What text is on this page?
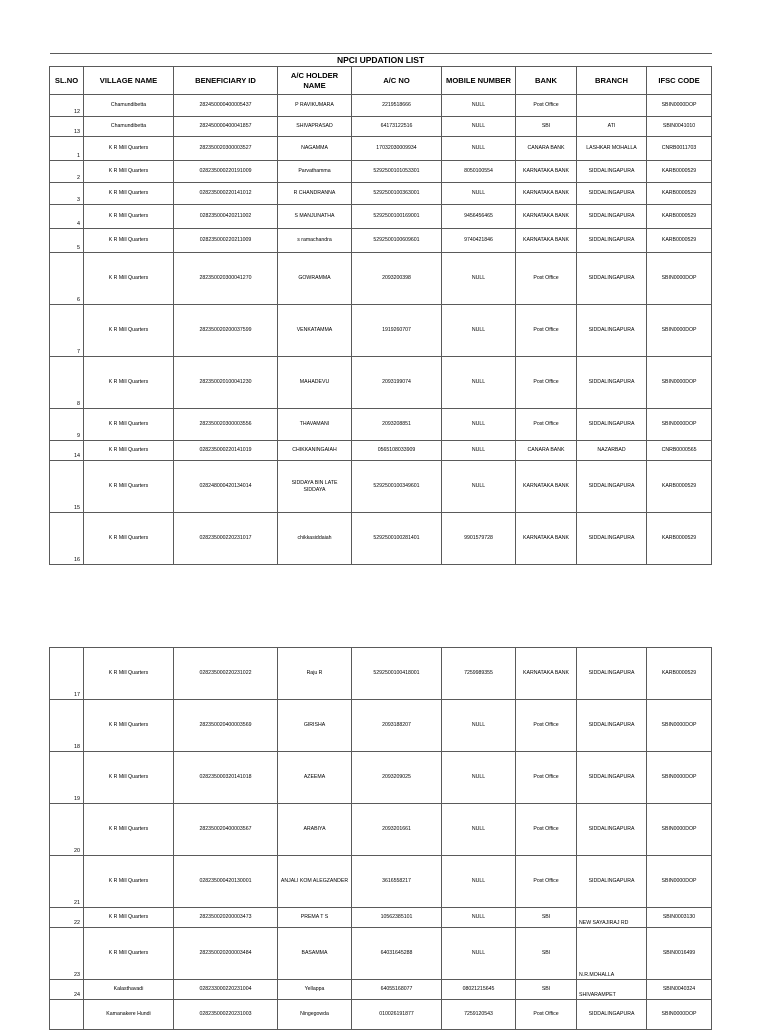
NPCI UPDATION LIST								
SL.NO	VILLAGE NAME	BENEFICIARY ID	A/C HOLDER NAME	A/C NO	MOBILE NUMBER	BANK	BRANCH	IFSC CODE
12	Chamundibetta	282450000400005437	P RAVIKUMARA	2219518666	NULL	Post Office		SBIN0000DOP
13	Chamundibetta	282450000400041857	SHIVAPRASAD	64173122516	NULL	SBI	ATI	SBIN0041010
1	K R Mill Quarters	282350020300003527	NAGAMMA	17032030009934	NULL	CANARA BANK	LASHKAR MOHALLA	CNRB0011703
2	K R Mill Quarters	028235000220191009	Parvathamma	5292500101053301	8050100554	KARNATAKA BANK	SIDDALINGAPURA	KARB0000529
3	K R Mill Quarters	028235000220141012	R CHANDRANNA	5292500100363001	NULL	KARNATAKA BANK	SIDDALINGAPURA	KARB0000529
4	K R Mill Quarters	028235000420211002	S MANJUNATHA	5292500100169001	9456456465	KARNATAKA BANK	SIDDALINGAPURA	KARB0000529
5	K R Mill Quarters	028235000220211009	s ramachandra	5292500100609601	9740421846	KARNATAKA BANK	SIDDALINGAPURA	KARB0000529
6	K R Mill Quarters	282350020300041270	GOWRAMMA	2093200398	NULL	Post Office	SIDDALINGAPURA	SBIN0000DOP
7	K R Mill Quarters	282350020200037599	VENKATAMMA	1919260707	NULL	Post Office	SIDDALINGAPURA	SBIN0000DOP
8	K R Mill Quarters	282350020100041230	MAHADEVU	2093199074	NULL	Post Office	SIDDALINGAPURA	SBIN0000DOP
9	K R Mill Quarters	282350020300003556	THAVAMANI	2093208851	NULL	Post Office	SIDDALINGAPURA	SBIN0000DOP
14	K R Mill Quarters	028235000220141019	CHIKKANINGAIAH	0565108033909	NULL	CANARA BANK	NAZARBAD	CNRB0000565
15	K R Mill Quarters	028248000420134014	SIDDAYA BIN LATE SIDDAYA	5292500100349601	NULL	KARNATAKA BANK	SIDDALINGAPURA	KARB0000529
16	K R Mill Quarters	028235000220231017	chikkasiddaiah	5292500100281401	9901579728	KARNATAKA BANK	SIDDALINGAPURA	KARB0000529
17	K R Mill Quarters	028235000220231022	Raju R	5292500100418001	7259989355	KARNATAKA BANK	SIDDALINGAPURA	KARB0000529
18	K R Mill Quarters	282350020400003569	GIRISHA	2093188207	NULL	Post Office	SIDDALINGAPURA	SBIN0000DOP
19	K R Mill Quarters	028235000320141018	AZEEMA	2093209025	NULL	Post Office	SIDDALINGAPURA	SBIN0000DOP
20	K R Mill Quarters	282350020400003567	ARABIYA	2093201661	NULL	Post Office	SIDDALINGAPURA	SBIN0000DOP
21	K R Mill Quarters	028235000420130001	ANJALI KOM ALEGZANDER	3616558217	NULL	Post Office	SIDDALINGAPURA	SBIN0000DOP
22	K R Mill Quarters	282350020200003473	PREMA T S	10562385101	NULL	SBI	NEW SAYAJIRAJ RD	SBIN0003130
23	K R Mill Quarters	282350020200003484	BASAMMA	64031645288	NULL	SBI	N.R.MOHALLA	SBIN0016499
24	Kalasthavadi	028233000220231004	Yellappa	64055168077	08021215645	SBI	SHIVARAMPET	SBIN0040324
	Kamanakere Hundi	028235000220231003	Ningegowda	010026191877	7259120543	Post Office	SIDDALINGAPURA	SBIN0000DOP
